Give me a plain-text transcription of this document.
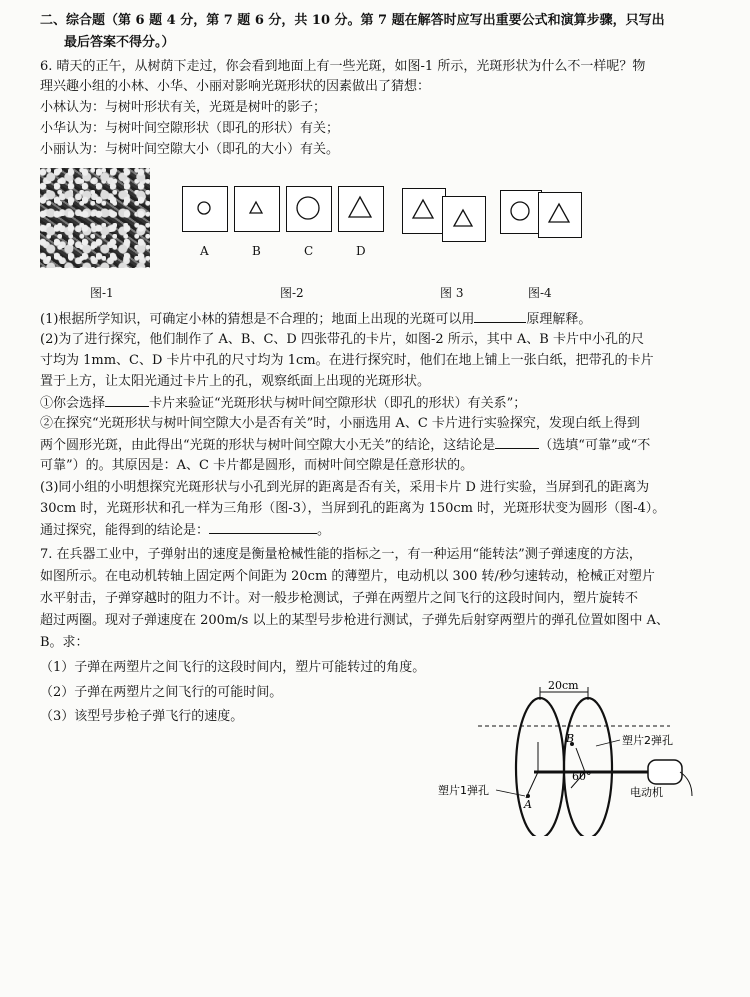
二、综合题（第 6 题 4 分，第 7 题 6 分，共 10 分。第 7 题在解答时应写出重要公式和演算步骤，只写出
最后答案不得分。）
6. 晴天的正午，从树荫下走过，你会看到地面上有一些光斑，如图-1 所示，光斑形状为什么不一样呢？物
理兴趣小组的小林、小华、小丽对影响光斑形状的因素做出了猜想：
小林认为：与树叶形状有关，光斑是树叶的影子；
小华认为：与树叶间空隙形状（即孔的形状）有关；
小丽认为：与树叶间空隙大小（即孔的大小）有关。
A	B	C	D
图-1	图-2	图 3	图-4
(1)根据所学知识，可确定小林的猜想是不合理的；地面上出现的光斑可以用	原理解释。
(2)为了进行探究，他们制作了 A、B、C、D 四张带孔的卡片，如图-2 所示，其中 A、B 卡片中小孔的尺
寸均为 1mm、C、D 卡片中孔的尺寸均为 1cm。在进行探究时，他们在地上铺上一张白纸，把带孔的卡片
置于上方，让太阳光通过卡片上的孔，观察纸面上出现的光斑形状。
①你会选择	卡片来验证“光斑形状与树叶间空隙形状（即孔的形状）有关系”；
②在探究“光斑形状与树叶间空隙大小是否有关”时，小丽选用 A、C 卡片进行实验探究，发现白纸上得到
两个圆形光斑，由此得出“光斑的形状与树叶间空隙大小无关”的结论，这结论是	（选填“可靠”或“不
可靠”）的。其原因是：A、C 卡片都是圆形，而树叶间空隙是任意形状的。
(3)同小组的小明想探究光斑形状与小孔到光屏的距离是否有关，采用卡片 D 进行实验，当屏到孔的距离为
30cm 时，光斑形状和孔一样为三角形（图-3），当屏到孔的距离为 150cm 时，光斑形状变为圆形（图-4）。
通过探究，能得到的结论是：	。
7. 在兵器工业中，子弹射出的速度是衡量枪械性能的指标之一，有一种运用“能转法”测子弹速度的方法，
如图所示。在电动机转轴上固定两个间距为 20cm 的薄塑片，电动机以 300 转/秒匀速转动，枪械正对塑片
水平射击，子弹穿越时的阻力不计。对一般步枪测试，子弹在两塑片之间飞行的这段时间内，塑片旋转不
超过两圈。现对子弹速度在 200m/s 以上的某型号步枪进行测试，子弹先后射穿两塑片的弹孔位置如图中 A、
B。求：
（1）子弹在两塑片之间飞行的这段时间内，塑片可能转过的角度。
（2）子弹在两塑片之间飞行的可能时间。
（3）该型号步枪子弹飞行的速度。
20cm
B
A
60°
塑片2弹孔
塑片1弹孔	电动机
